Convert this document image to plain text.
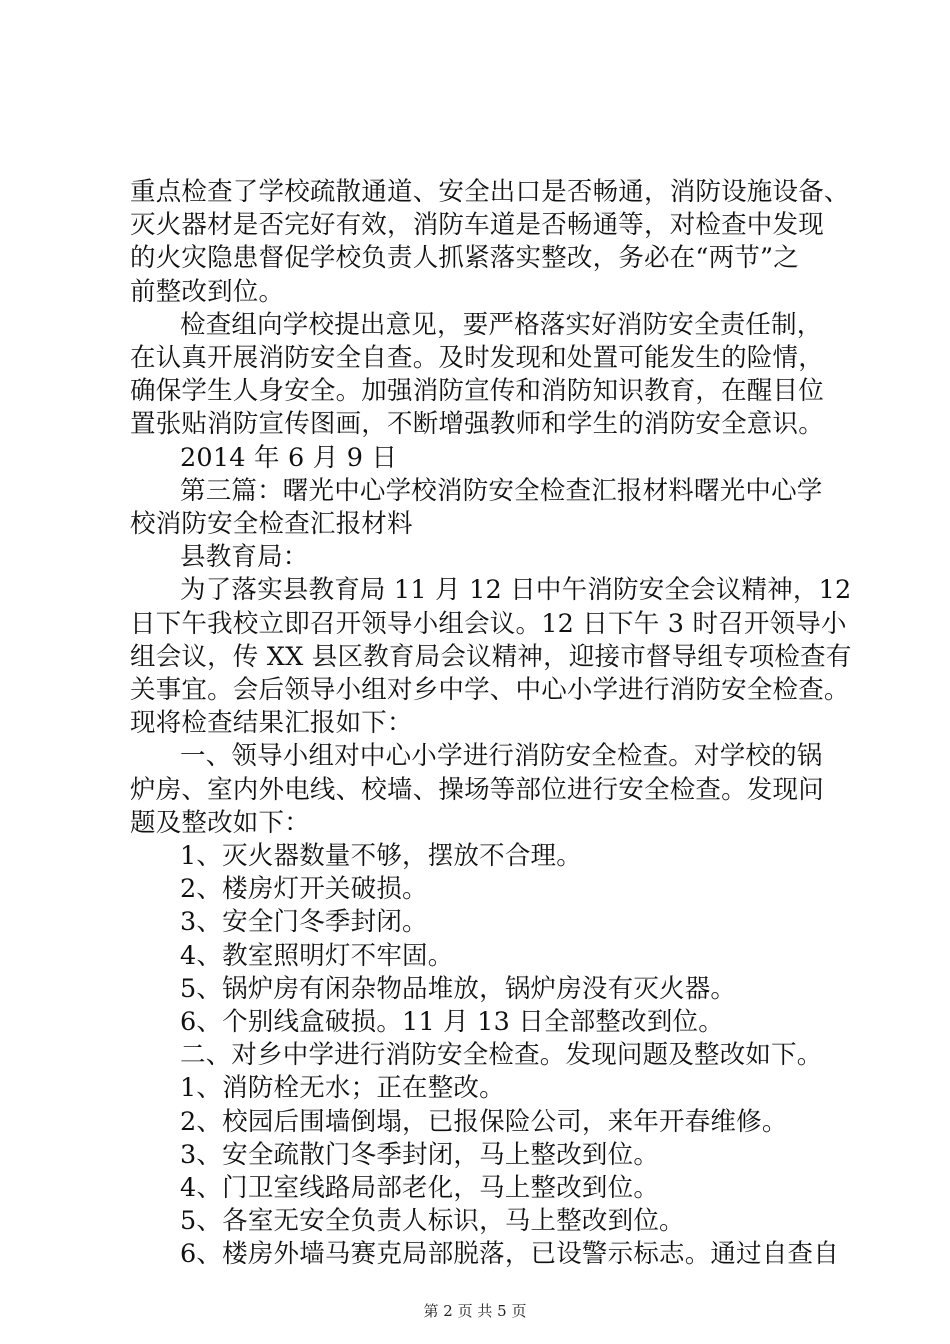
重点检查了学校疏散通道、安全出口是否畅通，消防设施设备、
灭火器材是否完好有效，消防车道是否畅通等，对检查中发现
的火灾隐患督促学校负责人抓紧落实整改，务必在“两节”之
前整改到位。
检查组向学校提出意见，要严格落实好消防安全责任制，
在认真开展消防安全自查。及时发现和处置可能发生的险情，
确保学生人身安全。加强消防宣传和消防知识教育，在醒目位
置张贴消防宣传图画，不断增强教师和学生的消防安全意识。
2014 年 6 月 9 日
第三篇：曙光中心学校消防安全检查汇报材料曙光中心学
校消防安全检查汇报材料
县教育局：
为了落实县教育局 11 月 12 日中午消防安全会议精神，12
日下午我校立即召开领导小组会议。12 日下午 3 时召开领导小
组会议，传 XX 县区教育局会议精神，迎接市督导组专项检查有
关事宜。会后领导小组对乡中学、中心小学进行消防安全检查。
现将检查结果汇报如下：
一、领导小组对中心小学进行消防安全检查。对学校的锅
炉房、室内外电线、校墙、操场等部位进行安全检查。发现问
题及整改如下：
1、灭火器数量不够，摆放不合理。
2、楼房灯开关破损。
3、安全门冬季封闭。
4、教室照明灯不牢固。
5、锅炉房有闲杂物品堆放，锅炉房没有灭火器。
6、个别线盒破损。11 月 13 日全部整改到位。
二、对乡中学进行消防安全检查。发现问题及整改如下。
1、消防栓无水；正在整改。
2、校园后围墙倒塌，已报保险公司，来年开春维修。
3、安全疏散门冬季封闭，马上整改到位。
4、门卫室线路局部老化，马上整改到位。
5、各室无安全负责人标识，马上整改到位。
6、楼房外墙马赛克局部脱落，已设警示标志。通过自查自
第 2 页 共 5 页
